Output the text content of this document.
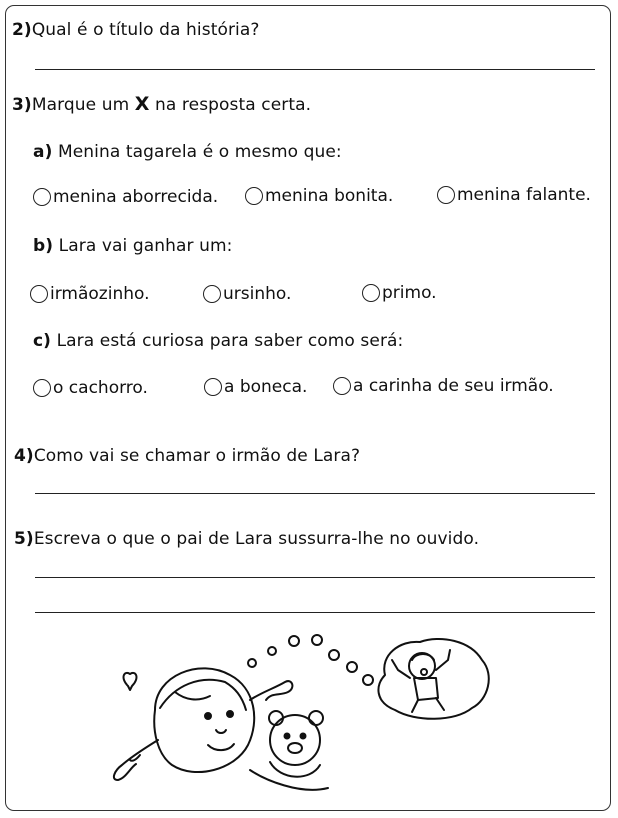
2)Qual é o título da história?
3)Marque um X na resposta certa.
a) Menina tagarela é o mesmo que:
menina aborrecida.	menina bonita.	menina falante.
b) Lara vai ganhar um:
irmãozinho.	ursinho.	primo.
c) Lara está curiosa para saber como será:
o cachorro.	a boneca.	a carinha de seu irmão.
4)Como vai se chamar o irmão de Lara?
5)Escreva o que o pai de Lara sussurra-lhe no ouvido.
